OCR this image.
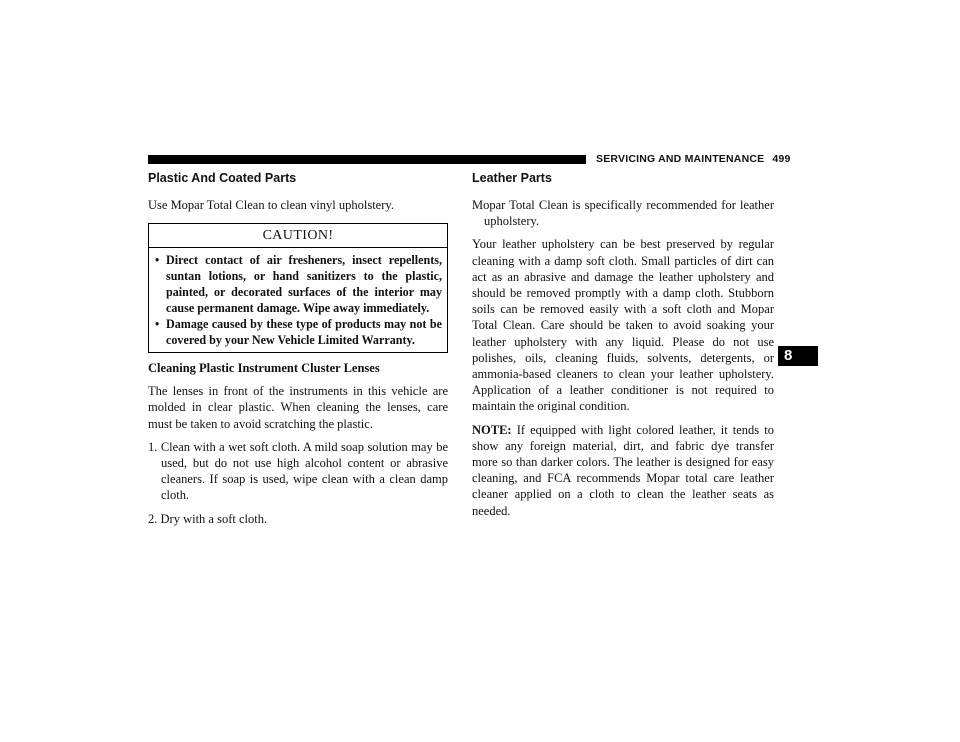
SERVICING AND MAINTENANCE 499
8
Plastic And Coated Parts

Use Mopar Total Clean to clean vinyl upholstery.

CAUTION!
• Direct contact of air fresheners, insect repellents, suntan lotions, or hand sanitizers to the plastic, painted, or decorated surfaces of the interior may cause permanent damage. Wipe away immediately.
• Damage caused by these type of products may not be covered by your New Vehicle Limited Warranty.
Cleaning Plastic Instrument Cluster Lenses

The lenses in front of the instruments in this vehicle are molded in clear plastic. When cleaning the lenses, care must be taken to avoid scratching the plastic.

1. Clean with a wet soft cloth. A mild soap solution may be used, but do not use high alcohol content or abrasive cleaners. If soap is used, wipe clean with a clean damp cloth.
2. Dry with a soft cloth.
Leather Parts

Mopar Total Clean is specifically recommended for leather upholstery.

Your leather upholstery can be best preserved by regular cleaning with a damp soft cloth. Small particles of dirt can act as an abrasive and damage the leather upholstery and should be removed promptly with a damp cloth. Stubborn soils can be removed easily with a soft cloth and Mopar Total Clean. Care should be taken to avoid soaking your leather upholstery with any liquid. Please do not use polishes, oils, cleaning fluids, solvents, detergents, or ammonia-based cleaners to clean your leather upholstery. Application of a leather conditioner is not required to maintain the original condition.

NOTE: If equipped with light colored leather, it tends to show any foreign material, dirt, and fabric dye transfer more so than darker colors. The leather is designed for easy cleaning, and FCA recommends Mopar total care leather cleaner applied on a cloth to clean the leather seats as needed.
